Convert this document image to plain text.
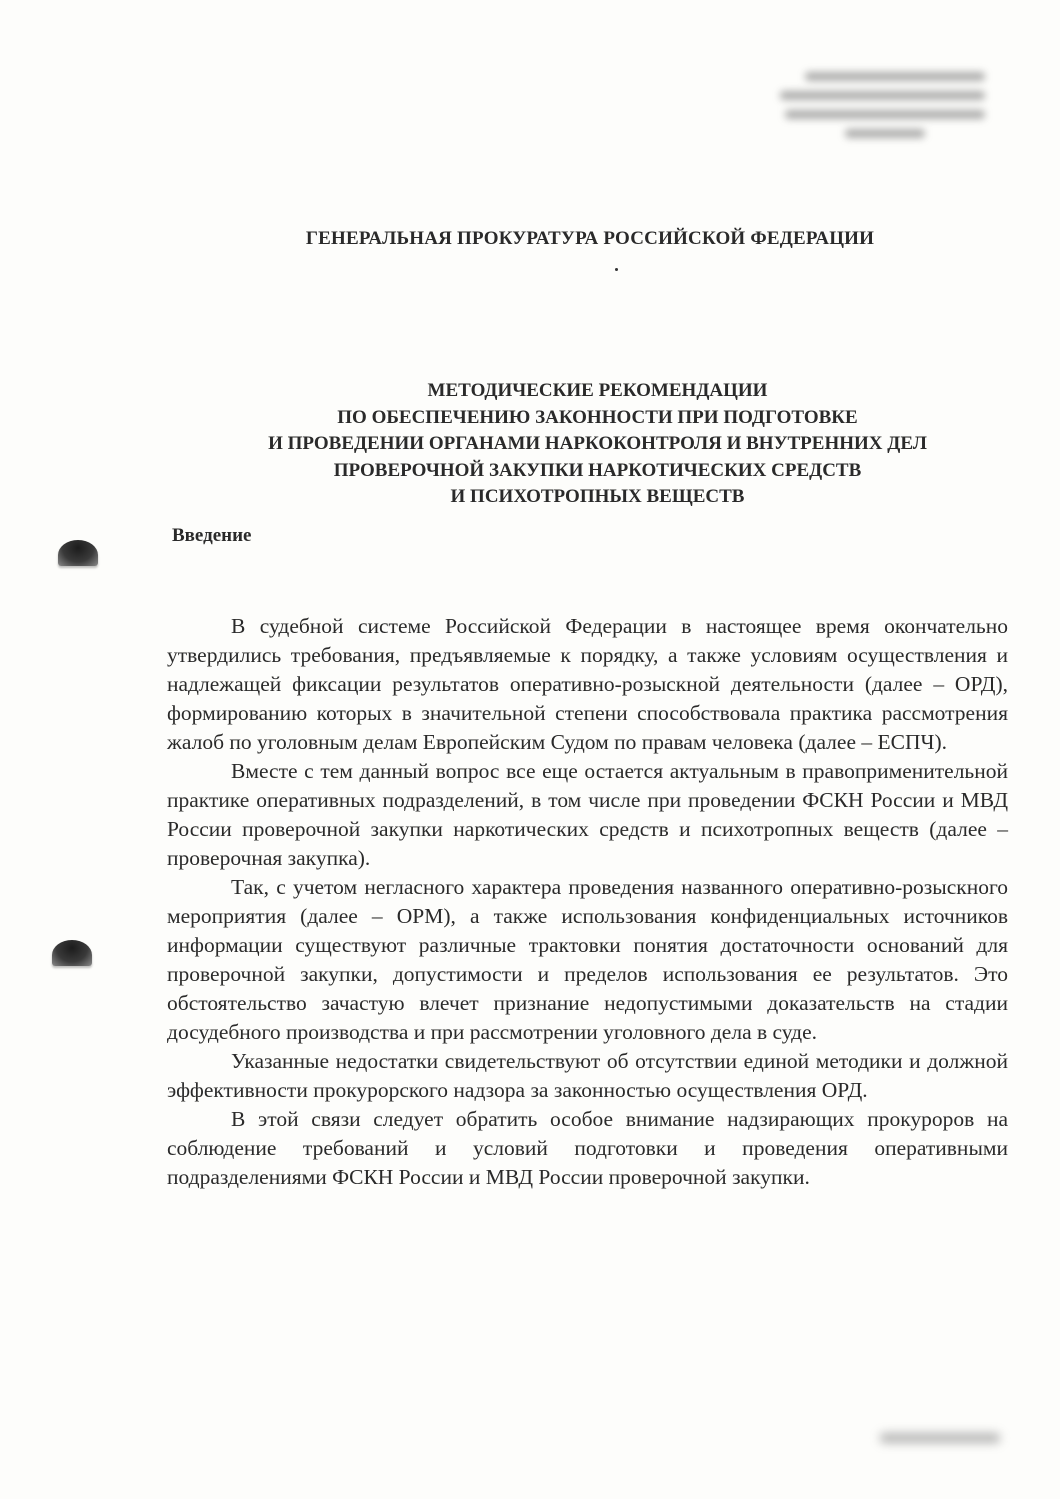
ГЕНЕРАЛЬНАЯ ПРОКУРАТУРА РОССИЙСКОЙ ФЕДЕРАЦИИ
МЕТОДИЧЕСКИЕ РЕКОМЕНДАЦИИ
ПО ОБЕСПЕЧЕНИЮ ЗАКОННОСТИ ПРИ ПОДГОТОВКЕ
И ПРОВЕДЕНИИ ОРГАНАМИ НАРКОКОНТРОЛЯ И ВНУТРЕННИХ ДЕЛ
ПРОВЕРОЧНОЙ ЗАКУПКИ НАРКОТИЧЕСКИХ СРЕДСТВ
И ПСИХОТРОПНЫХ ВЕЩЕСТВ
Введение

В судебной системе Российской Федерации в настоящее время окончательно утвердились требования, предъявляемые к порядку, а также условиям осуществления и надлежащей фиксации результатов оперативно-розыскной деятельности (далее – ОРД), формированию которых в значительной степени способствовала практика рассмотрения жалоб по уголовным делам Европейским Судом по правам человека (далее – ЕСПЧ).

Вместе с тем данный вопрос все еще остается актуальным в правоприменительной практике оперативных подразделений, в том числе при проведении ФСКН России и МВД России проверочной закупки наркотических средств и психотропных веществ (далее – проверочная закупка).

Так, с учетом негласного характера проведения названного оперативно-розыскного мероприятия (далее – ОРМ), а также использования конфиденциальных источников информации существуют различные трактовки понятия достаточности оснований для проверочной закупки, допустимости и пределов использования ее результатов. Это обстоятельство зачастую влечет признание недопустимыми доказательств на стадии досудебного производства и при рассмотрении уголовного дела в суде.

Указанные недостатки свидетельствуют об отсутствии единой методики и должной эффективности прокурорского надзора за законностью осуществления ОРД.

В этой связи следует обратить особое внимание надзирающих прокуроров на соблюдение требований и условий подготовки и проведения оперативными подразделениями ФСКН России и МВД России проверочной закупки.
